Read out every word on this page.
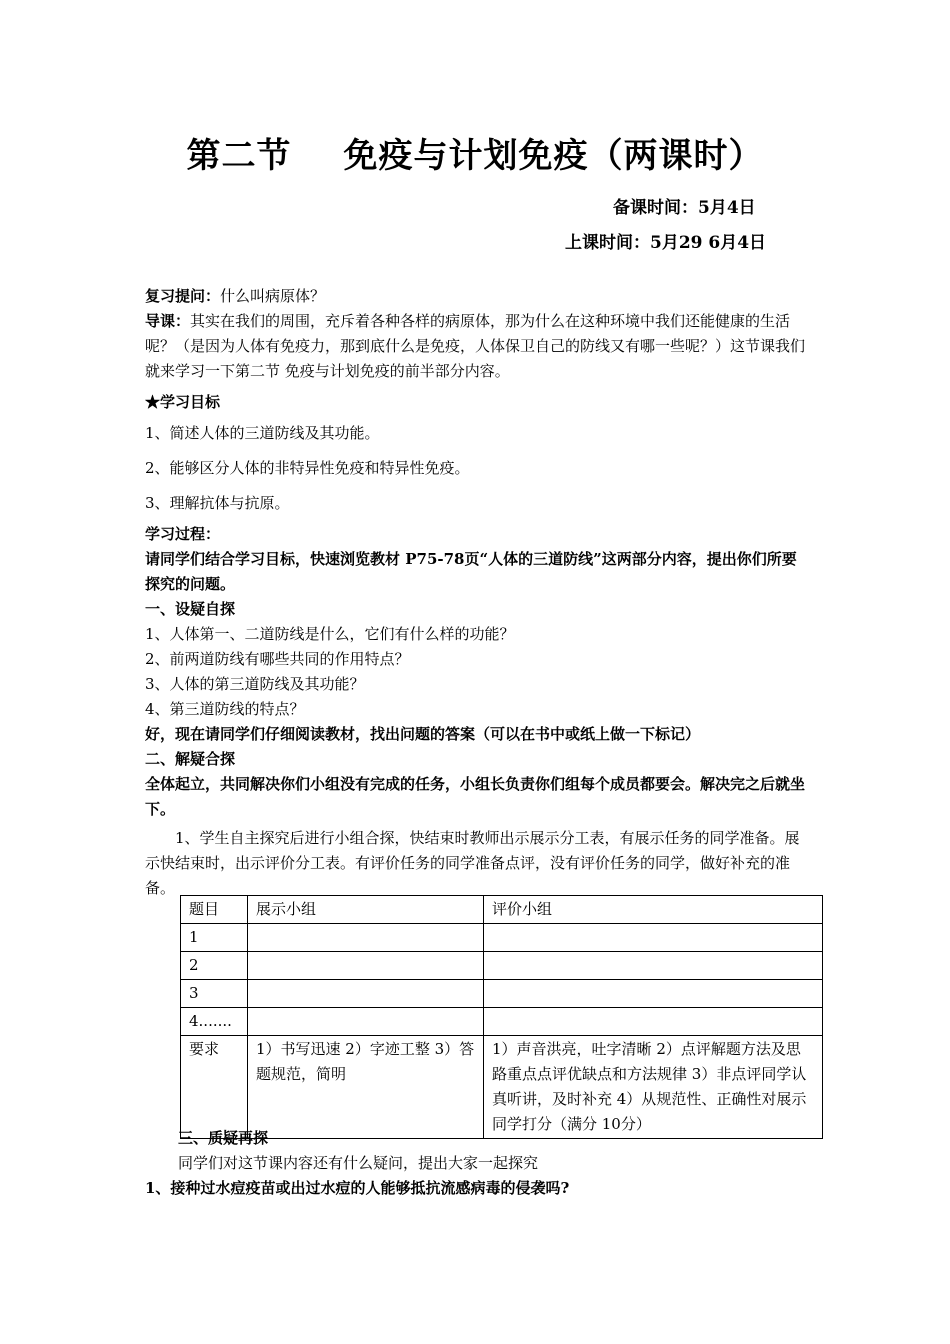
第二节 免疫与计划免疫（两课时）
备课时间：5月4日
上课时间：5月29 6月4日

复习提问：什么叫病原体？

导课：其实在我们的周围，充斥着各种各样的病原体，那为什么在这种环境中我们还能健康的生活呢？（是因为人体有免疫力，那到底什么是免疫，人体保卫自己的防线又有哪一些呢？）这节课我们就来学习一下第二节 免疫与计划免疫的前半部分内容。

★学习目标

1、简述人体的三道防线及其功能。

2、能够区分人体的非特异性免疫和特异性免疫。

3、理解抗体与抗原。

学习过程：

请同学们结合学习目标，快速浏览教材 P75-78页“人体的三道防线”这两部分内容，提出你们所要探究的问题。

一、设疑自探

1、人体第一、二道防线是什么，它们有什么样的功能？

2、前两道防线有哪些共同的作用特点？

3、人体的第三道防线及其功能？

4、第三道防线的特点？

好，现在请同学们仔细阅读教材，找出问题的答案（可以在书中或纸上做一下标记）

二、解疑合探

全体起立，共同解决你们小组没有完成的任务，小组长负责你们组每个成员都要会。解决完之后就坐下。

1、学生自主探究后进行小组合探，快结束时教师出示展示分工表，有展示任务的同学准备。展示快结束时，出示评价分工表。有评价任务的同学准备点评，没有评价任务的同学，做好补充的准备。

题目	展示小组	评价小组
1		
2		
3		
4.......		
要求	1）书写迅速 2）字迹工整 3）答题规范，简明	1）声音洪亮，吐字清晰 2）点评解题方法及思路重点点评优缺点和方法规律 3）非点评同学认真听讲，及时补充 4）从规范性、正确性对展示同学打分（满分 10分）

三、质疑再探

同学们对这节课内容还有什么疑问，提出大家一起探究

1、接种过水痘疫苗或出过水痘的人能够抵抗流感病毒的侵袭吗?
